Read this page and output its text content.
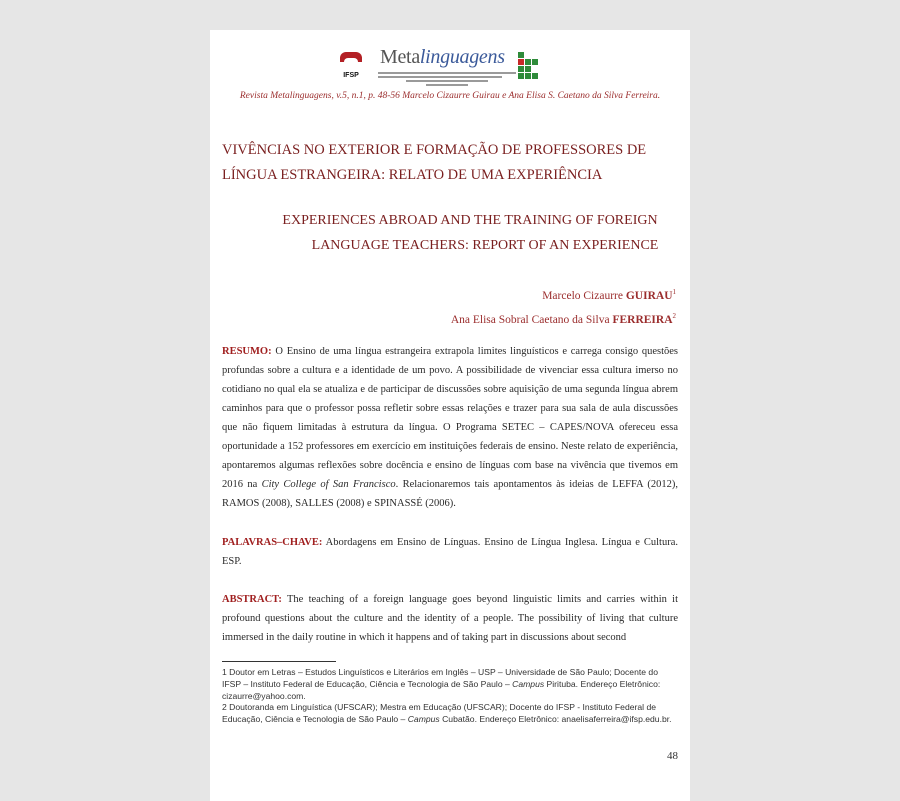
IFSP
Metalinguagens
Revista Metalinguagens, v.5, n.1, p. 48-56 Marcelo Cizaurre Guirau e Ana Elisa S. Caetano da Silva Ferreira.
VIVÊNCIAS NO EXTERIOR E FORMAÇÃO DE PROFESSORES DE LÍNGUA ESTRANGEIRA: RELATO DE UMA EXPERIÊNCIA
EXPERIENCES ABROAD AND THE TRAINING OF FOREIGN
LANGUAGE TEACHERS: REPORT OF AN EXPERIENCE
Marcelo Cizaurre GUIRAU$^1$
Ana Elisa Sobral Caetano da Silva FERREIRA$^2$
RESUMO: O Ensino de uma língua estrangeira extrapola limites linguísticos e carrega consigo questões profundas sobre a cultura e a identidade de um povo. A possibilidade de vivenciar essa cultura imerso no cotidiano no qual ela se atualiza e de participar de discussões sobre aquisição de uma segunda língua abrem caminhos para que o professor possa refletir sobre essas relações e trazer para sua sala de aula discussões que não fiquem limitadas à estrutura da língua. O Programa SETEC – CAPES/NOVA ofereceu essa oportunidade a 152 professores em exercício em instituições federais de ensino. Neste relato de experiência, apontaremos algumas reflexões sobre docência e ensino de línguas com base na vivência que tivemos em 2016 na City College of San Francisco. Relacionaremos tais apontamentos às ideias de LEFFA (2012), RAMOS (2008), SALLES (2008) e SPINASSÉ (2006).
PALAVRAS–CHAVE: Abordagens em Ensino de Línguas. Ensino de Língua Inglesa. Língua e Cultura. ESP.
ABSTRACT: The teaching of a foreign language goes beyond linguistic limits and carries within it profound questions about the culture and the identity of a people. The possibility of living that culture immersed in the daily routine in which it happens and of taking part in discussions about second
1 Doutor em Letras – Estudos Linguísticos e Literários em Inglês – USP – Universidade de São Paulo; Docente do IFSP – Instituto Federal de Educação, Ciência e Tecnologia de São Paulo – Campus Pirituba. Endereço Eletrônico: cizaurre@yahoo.com.
2 Doutoranda em Linguística (UFSCAR); Mestra em Educação (UFSCAR); Docente do IFSP - Instituto Federal de Educação, Ciência e Tecnologia de São Paulo – Campus Cubatão. Endereço Eletrônico: anaelisaferreira@ifsp.edu.br.
48
